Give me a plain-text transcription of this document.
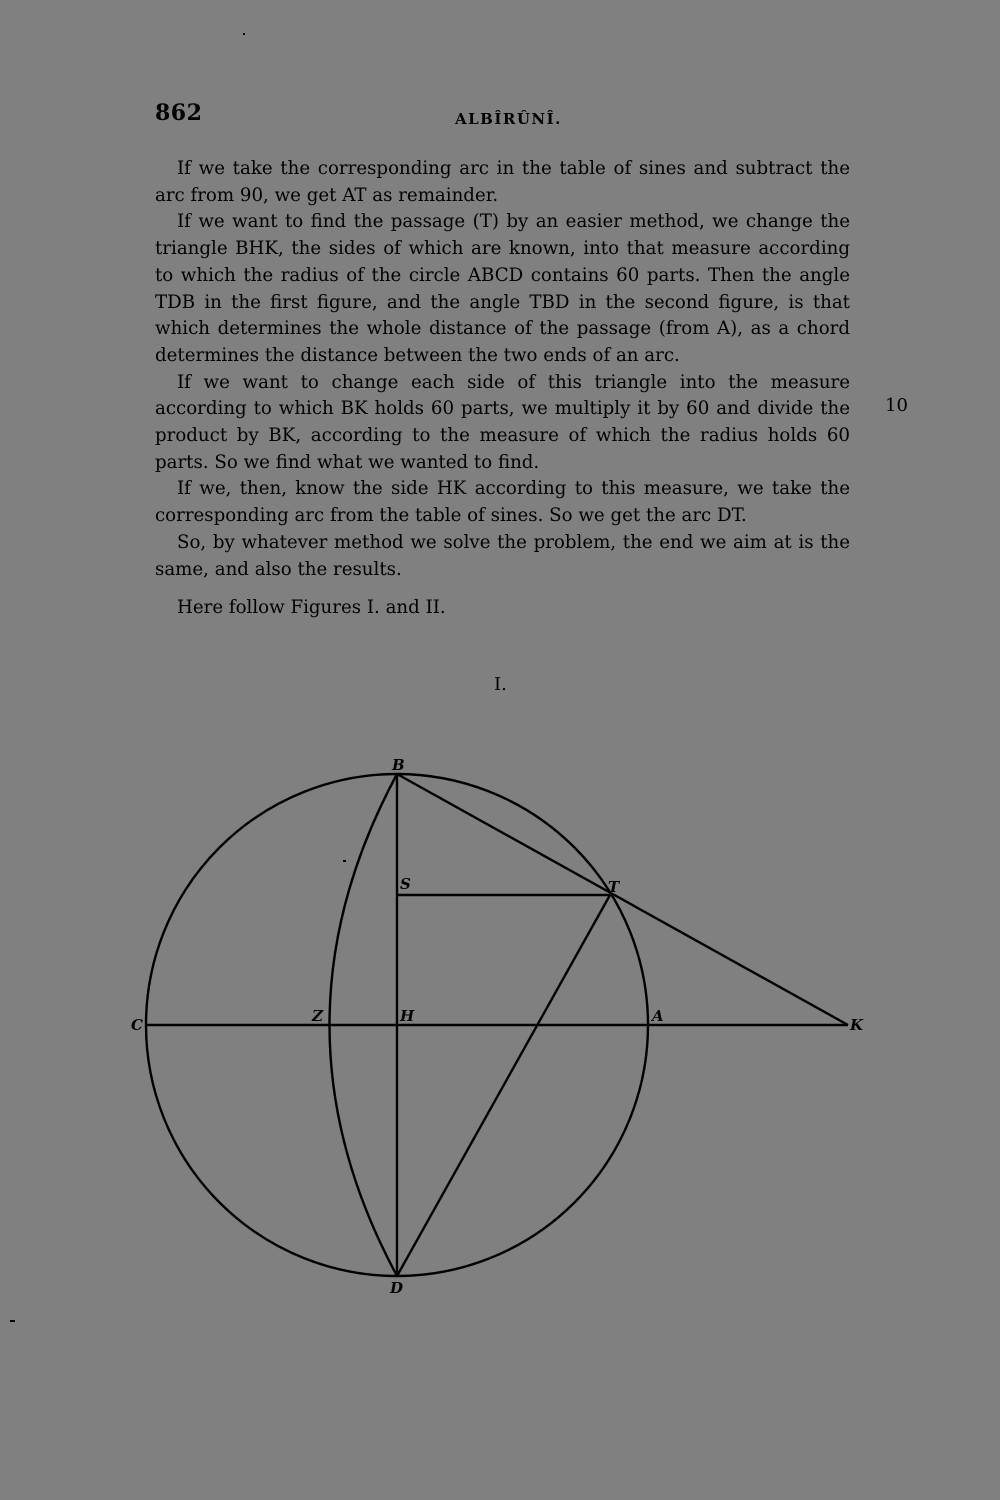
862	ALBÎRÛNÎ.

If we take the corresponding arc in the table of sines and subtract the arc from 90, we get AT as remainder.

If we want to find the passage (T) by an easier method, we change the triangle BHK, the sides of which are known, into that measure according to which the radius of the circle ABCD contains 60 parts. Then the angle TDB in the first figure, and the angle TBD in the second figure, is that which determines the whole distance of the passage (from A), as a chord determines the distance between the two ends of an arc.

If we want to change each side of this triangle into the measure according to which BK holds 60 parts, we multiply it by 60 and divide the product by BK, according to the measure of which the radius holds 60 parts. So we find what we wanted to find.

If we, then, know the side HK according to this measure, we take the corresponding arc from the table of sines. So we get the arc DT.

So, by whatever method we solve the problem, the end we aim at is the same, and also the results.

Here follow Figures I. and II.

10
I.
B
S	T
C	Z	H	A	K
D
